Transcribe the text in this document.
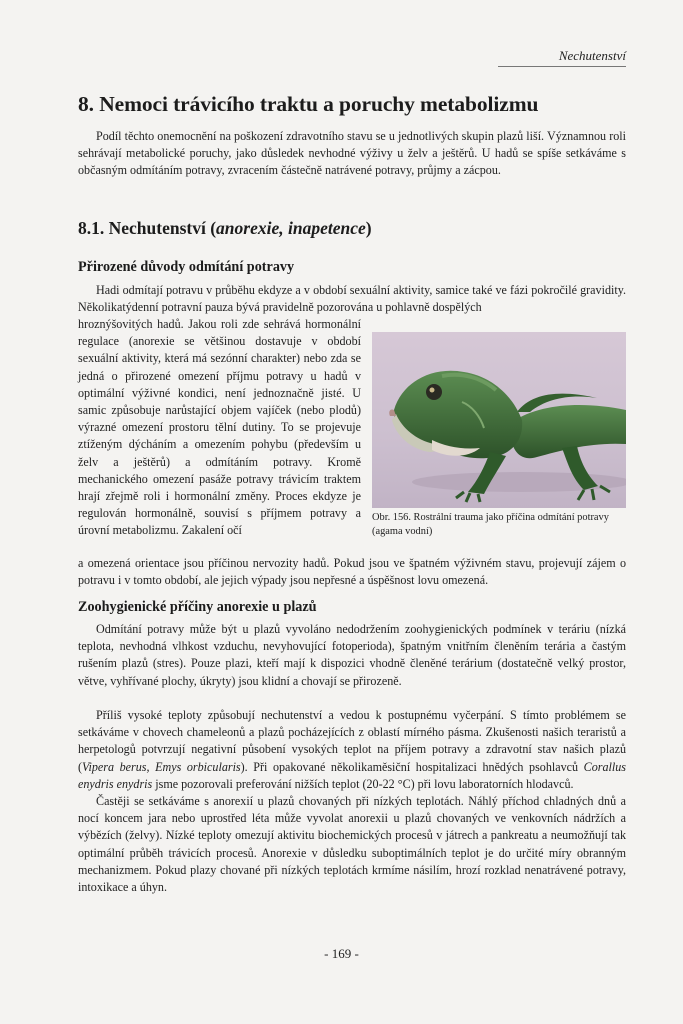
Nechutenství
8. Nemoci trávicího traktu a poruchy metabolizmu

Podíl těchto onemocnění na poškození zdravotního stavu se u jednotlivých skupin plazů liší. Významnou roli sehrávají metabolické poruchy, jako důsledek nevhodné výživy u želv a ještěrů. U hadů se spíše setkáváme s občasným odmítáním potravy, zvracením částečně natrávené potravy, průjmy a zácpou.

8.1. Nechutenství (anorexie, inapetence)
Přirozené důvody odmítání potravy

Hadi odmítají potravu v průběhu ekdyze a v období sexuální aktivity, samice také ve fázi pokročilé gravidity. Několikatýdenní potravní pauza bývá pravidelně pozorována u pohlavně dospělých

hroznýšovitých hadů. Jakou roli zde sehrává hormonální regulace (anorexie se většinou dostavuje v období sexuální aktivity, která má sezónní charakter) nebo zda se jedná o přirozené omezení příjmu potravy u hadů v optimální výživné kondici, není jednoznačně jisté. U samic způsobuje narůstající objem vajíček (nebo plodů) výrazné omezení prostoru tělní dutiny. To se projevuje ztíženým dýcháním a omezením pohybu (především u želv a ještěrů) a odmítáním potravy. Kromě mechanického omezení pasáže potravy trávicím traktem hrají zřejmě roli i hormonální změny. Proces ekdyze je regulován hormonálně, souvisí s příjmem potravy a úrovní metabolizmu. Zakalení očí

Obr. 156. Rostrální trauma jako příčina odmítání potravy (agama vodní)

a omezená orientace jsou příčinou nervozity hadů. Pokud jsou ve špatném výživném stavu, projevují zájem o potravu i v tomto období, ale jejich výpady jsou nepřesné a úspěšnost lovu omezená.

Zoohygienické příčiny anorexie u plazů

Odmítání potravy může být u plazů vyvoláno nedodržením zoohygienických podmínek v teráriu (nízká teplota, nevhodná vlhkost vzduchu, nevyhovující fotoperioda), špatným vnitřním členěním terária a častým rušením plazů (stres). Pouze plazi, kteří mají k dispozici vhodně členěné terárium (dostatečně velký prostor, větve, vyhřívané plochy, úkryty) jsou klidní a chovají se přirozeně.

Příliš vysoké teploty způsobují nechutenství a vedou k postupnému vyčerpání. S tímto problémem se setkáváme v chovech chameleonů a plazů pocházejících z oblastí mírného pásma. Zkušenosti našich teraristů a herpetologů potvrzují negativní působení vysokých teplot na příjem potravy a zdravotní stav našich plazů (Vipera berus, Emys orbicularis). Při opakované několikaměsiční hospitalizaci hnědých psohlavců Corallus enydris enydris jsme pozorovali preferování nižších teplot (20-22 °C) při lovu laboratorních hlodavců.

Častěji se setkáváme s anorexií u plazů chovaných při nízkých teplotách. Náhlý příchod chladných dnů a nocí koncem jara nebo uprostřed léta může vyvolat anorexii u plazů chovaných ve venkovních nádržích a výbězích (želvy). Nízké teploty omezují aktivitu biochemických procesů v játrech a pankreatu a neumožňují tak optimální průběh trávicích procesů. Anorexie v důsledku suboptimálních teplot je do určité míry obranným mechanizmem. Pokud plazy chované při nízkých teplotách krmíme násilím, hrozí rozklad nenatrávené potravy, intoxikace a úhyn.

- 169 -
